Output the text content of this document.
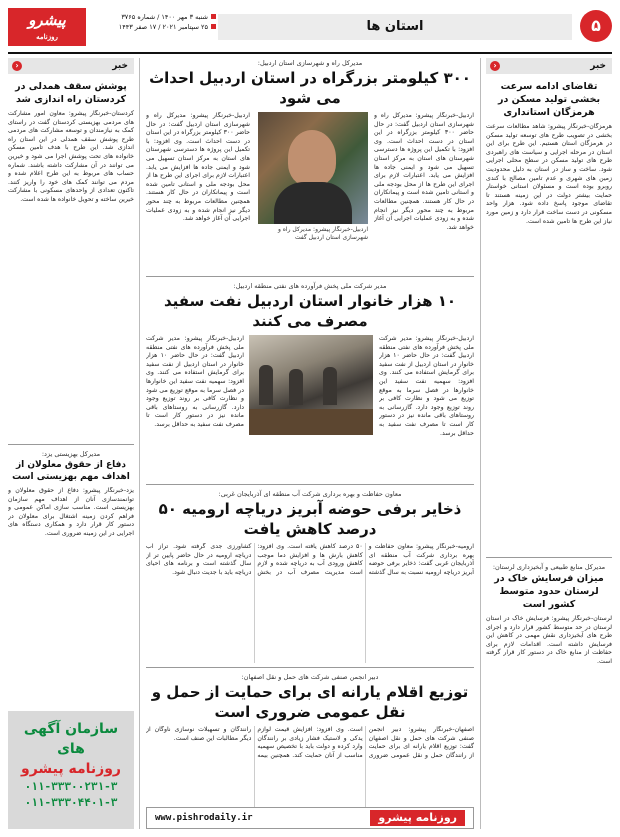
۵
استان ها
شنبه ۳ مهر ۱۴۰۰ / شماره ۳۷۶۵
۲۵ سپتامبر ۲۰۲۱ / ۱۷ صفر ۱۴۴۳
پیشرو
روزنامه
خبر
‹
تقاضای ادامه سرعت بخشی تولید مسکن در هرمزگان استانداری
هرمزگان-خبرنگار پیشرو: شاهد مطالعات سرعت بخشی در تصویب طرح های توسعه تولید مسکن در هرمزگان استان هستیم. این طرح برای این استان در مرحله اجرایی و سیاست های راهبردی طرح های تولید مسکن در سطح محلی اجرایی شود. ساخت و ساز در استان به دلیل محدودیت زمین های شهری و عدم تامین مصالح با کندی روبرو بوده است و مسئولان استانی خواستار حمایت بیشتر دولت در این زمینه هستند تا تقاضای موجود پاسخ داده شود. هزار واحد مسکونی در دست ساخت قرار دارد و زمین مورد نیاز این طرح ها تامین شده است.
مدیرکل منابع طبیعی و آبخیزداری لرستان:
میزان فرسایش خاک در لرستان حدود متوسط کشور است
لرستان-خبرنگار پیشرو: فرسایش خاک در استان لرستان در حد متوسط کشور قرار دارد و اجرای طرح های آبخیزداری نقش مهمی در کاهش این فرسایش داشته است. اقدامات لازم برای حفاظت از منابع خاک در دستور کار قرار گرفته است.
خبر
‹
پوشش سقف همدلی در کردستان راه اندازی شد
کردستان-خبرنگار پیشرو: معاون امور مشارکت های مردمی بهزیستی کردستان گفت در راستای کمک به نیازمندان و توسعه مشارکت های مردمی طرح پوشش سقف همدلی در این استان راه اندازی شد. این طرح با هدف تامین مسکن خانواده های تحت پوشش اجرا می شود و خیرین می توانند در آن مشارکت داشته باشند. شماره حساب های مربوط به این طرح اعلام شده و مردم می توانند کمک های خود را واریز کنند. تاکنون تعدادی از واحدهای مسکونی با مشارکت خیرین ساخته و تحویل خانواده ها شده است.
مدیرکل بهزیستی یزد:
دفاع از حقوق معلولان از اهداف مهم بهزیستی است
یزد-خبرنگار پیشرو: دفاع از حقوق معلولان و توانمندسازی آنان از اهداف مهم سازمان بهزیستی است. مناسب سازی اماکن عمومی و فراهم کردن زمینه اشتغال برای معلولان در دستور کار قرار دارد و همکاری دستگاه های اجرایی در این زمینه ضروری است.
سازمان آگهی های
روزنامه پیشرو
۰۱۱-۳۳۳۰۰۲۳۱-۳
۰۱۱-۳۳۳۰۴۴۰۱-۳
مدیرکل راه و شهرسازی استان اردبیل:
۳۰۰ کیلومتر بزرگراه در استان اردبیل احداث می شود
اردبیل-خبرنگار پیشرو: مدیرکل راه و شهرسازی استان اردبیل گفت: در حال حاضر ۳۰۰ کیلومتر بزرگراه در این استان در دست احداث است. وی افزود: با تکمیل این پروژه ها دسترسی شهرستان های استان به مرکز استان تسهیل می شود و ایمنی جاده ها افزایش می یابد. اعتبارات لازم برای اجرای این طرح ها از محل بودجه ملی و استانی تامین شده است و پیمانکاران در حال کار هستند. همچنین مطالعات مربوط به چند محور دیگر نیز انجام شده و به زودی عملیات اجرایی آن آغاز خواهد شد.
اردبیل-خبرنگار پیشرو: مدیرکل راه و شهرسازی استان اردبیل گفت
اردبیل-خبرنگار پیشرو: مدیرکل راه و شهرسازی استان اردبیل گفت: در حال حاضر ۳۰۰ کیلومتر بزرگراه در این استان در دست احداث است. وی افزود: با تکمیل این پروژه ها دسترسی شهرستان های استان به مرکز استان تسهیل می شود و ایمنی جاده ها افزایش می یابد. اعتبارات لازم برای اجرای این طرح ها از محل بودجه ملی و استانی تامین شده است و پیمانکاران در حال کار هستند. همچنین مطالعات مربوط به چند محور دیگر نیز انجام شده و به زودی عملیات اجرایی آن آغاز خواهد شد.
مدیر شرکت ملی پخش فرآورده های نفتی منطقه اردبیل:
۱۰ هزار خانوار استان اردبیل نفت سفید مصرف می کنند
اردبیل-خبرنگار پیشرو: مدیر شرکت ملی پخش فرآورده های نفتی منطقه اردبیل گفت: در حال حاضر ۱۰ هزار خانوار در استان اردبیل از نفت سفید برای گرمایش استفاده می کنند. وی افزود: سهمیه نفت سفید این خانوارها در فصل سرما به موقع توزیع می شود و نظارت کافی بر روند توزیع وجود دارد. گازرسانی به روستاهای باقی مانده نیز در دستور کار است تا مصرف نفت سفید به حداقل برسد.
اردبیل-خبرنگار پیشرو: مدیر شرکت ملی پخش فرآورده های نفتی منطقه اردبیل گفت: در حال حاضر ۱۰ هزار خانوار در استان اردبیل از نفت سفید برای گرمایش استفاده می کنند. وی افزود: سهمیه نفت سفید این خانوارها در فصل سرما به موقع توزیع می شود و نظارت کافی بر روند توزیع وجود دارد. گازرسانی به روستاهای باقی مانده نیز در دستور کار است تا مصرف نفت سفید به حداقل برسد.
معاون حفاظت و بهره برداری شرکت آب منطقه ای آذربایجان غربی:
ذخایر برفی حوضه آبریز دریاچه ارومیه ۵۰ درصد کاهش یافت
ارومیه-خبرنگار پیشرو: معاون حفاظت و بهره برداری شرکت آب منطقه ای آذربایجان غربی گفت: ذخایر برفی حوضه آبریز دریاچه ارومیه نسبت به سال گذشته ۵۰ درصد کاهش یافته است. وی افزود: کاهش بارش ها و افزایش دما موجب کاهش ورودی آب به دریاچه شده و لازم است مدیریت مصرف آب در بخش کشاورزی جدی گرفته شود. تراز آب دریاچه ارومیه در حال حاضر پایین تر از سال گذشته است و برنامه های احیای دریاچه باید با جدیت دنبال شود.
دبیر انجمن صنفی شرکت های حمل و نقل اصفهان:
توزیع اقلام یارانه ای برای حمایت از حمل و نقل عمومی ضروری است
اصفهان-خبرنگار پیشرو: دبیر انجمن صنفی شرکت های حمل و نقل اصفهان گفت: توزیع اقلام یارانه ای برای حمایت از رانندگان حمل و نقل عمومی ضروری است. وی افزود: افزایش قیمت لوازم یدکی و لاستیک فشار زیادی بر رانندگان وارد کرده و دولت باید با تخصیص سهمیه مناسب از آنان حمایت کند. همچنین بیمه رانندگان و تسهیلات نوسازی ناوگان از دیگر مطالبات این صنف است.
www.pishrodaily.ir	روزنامه پیشرو
